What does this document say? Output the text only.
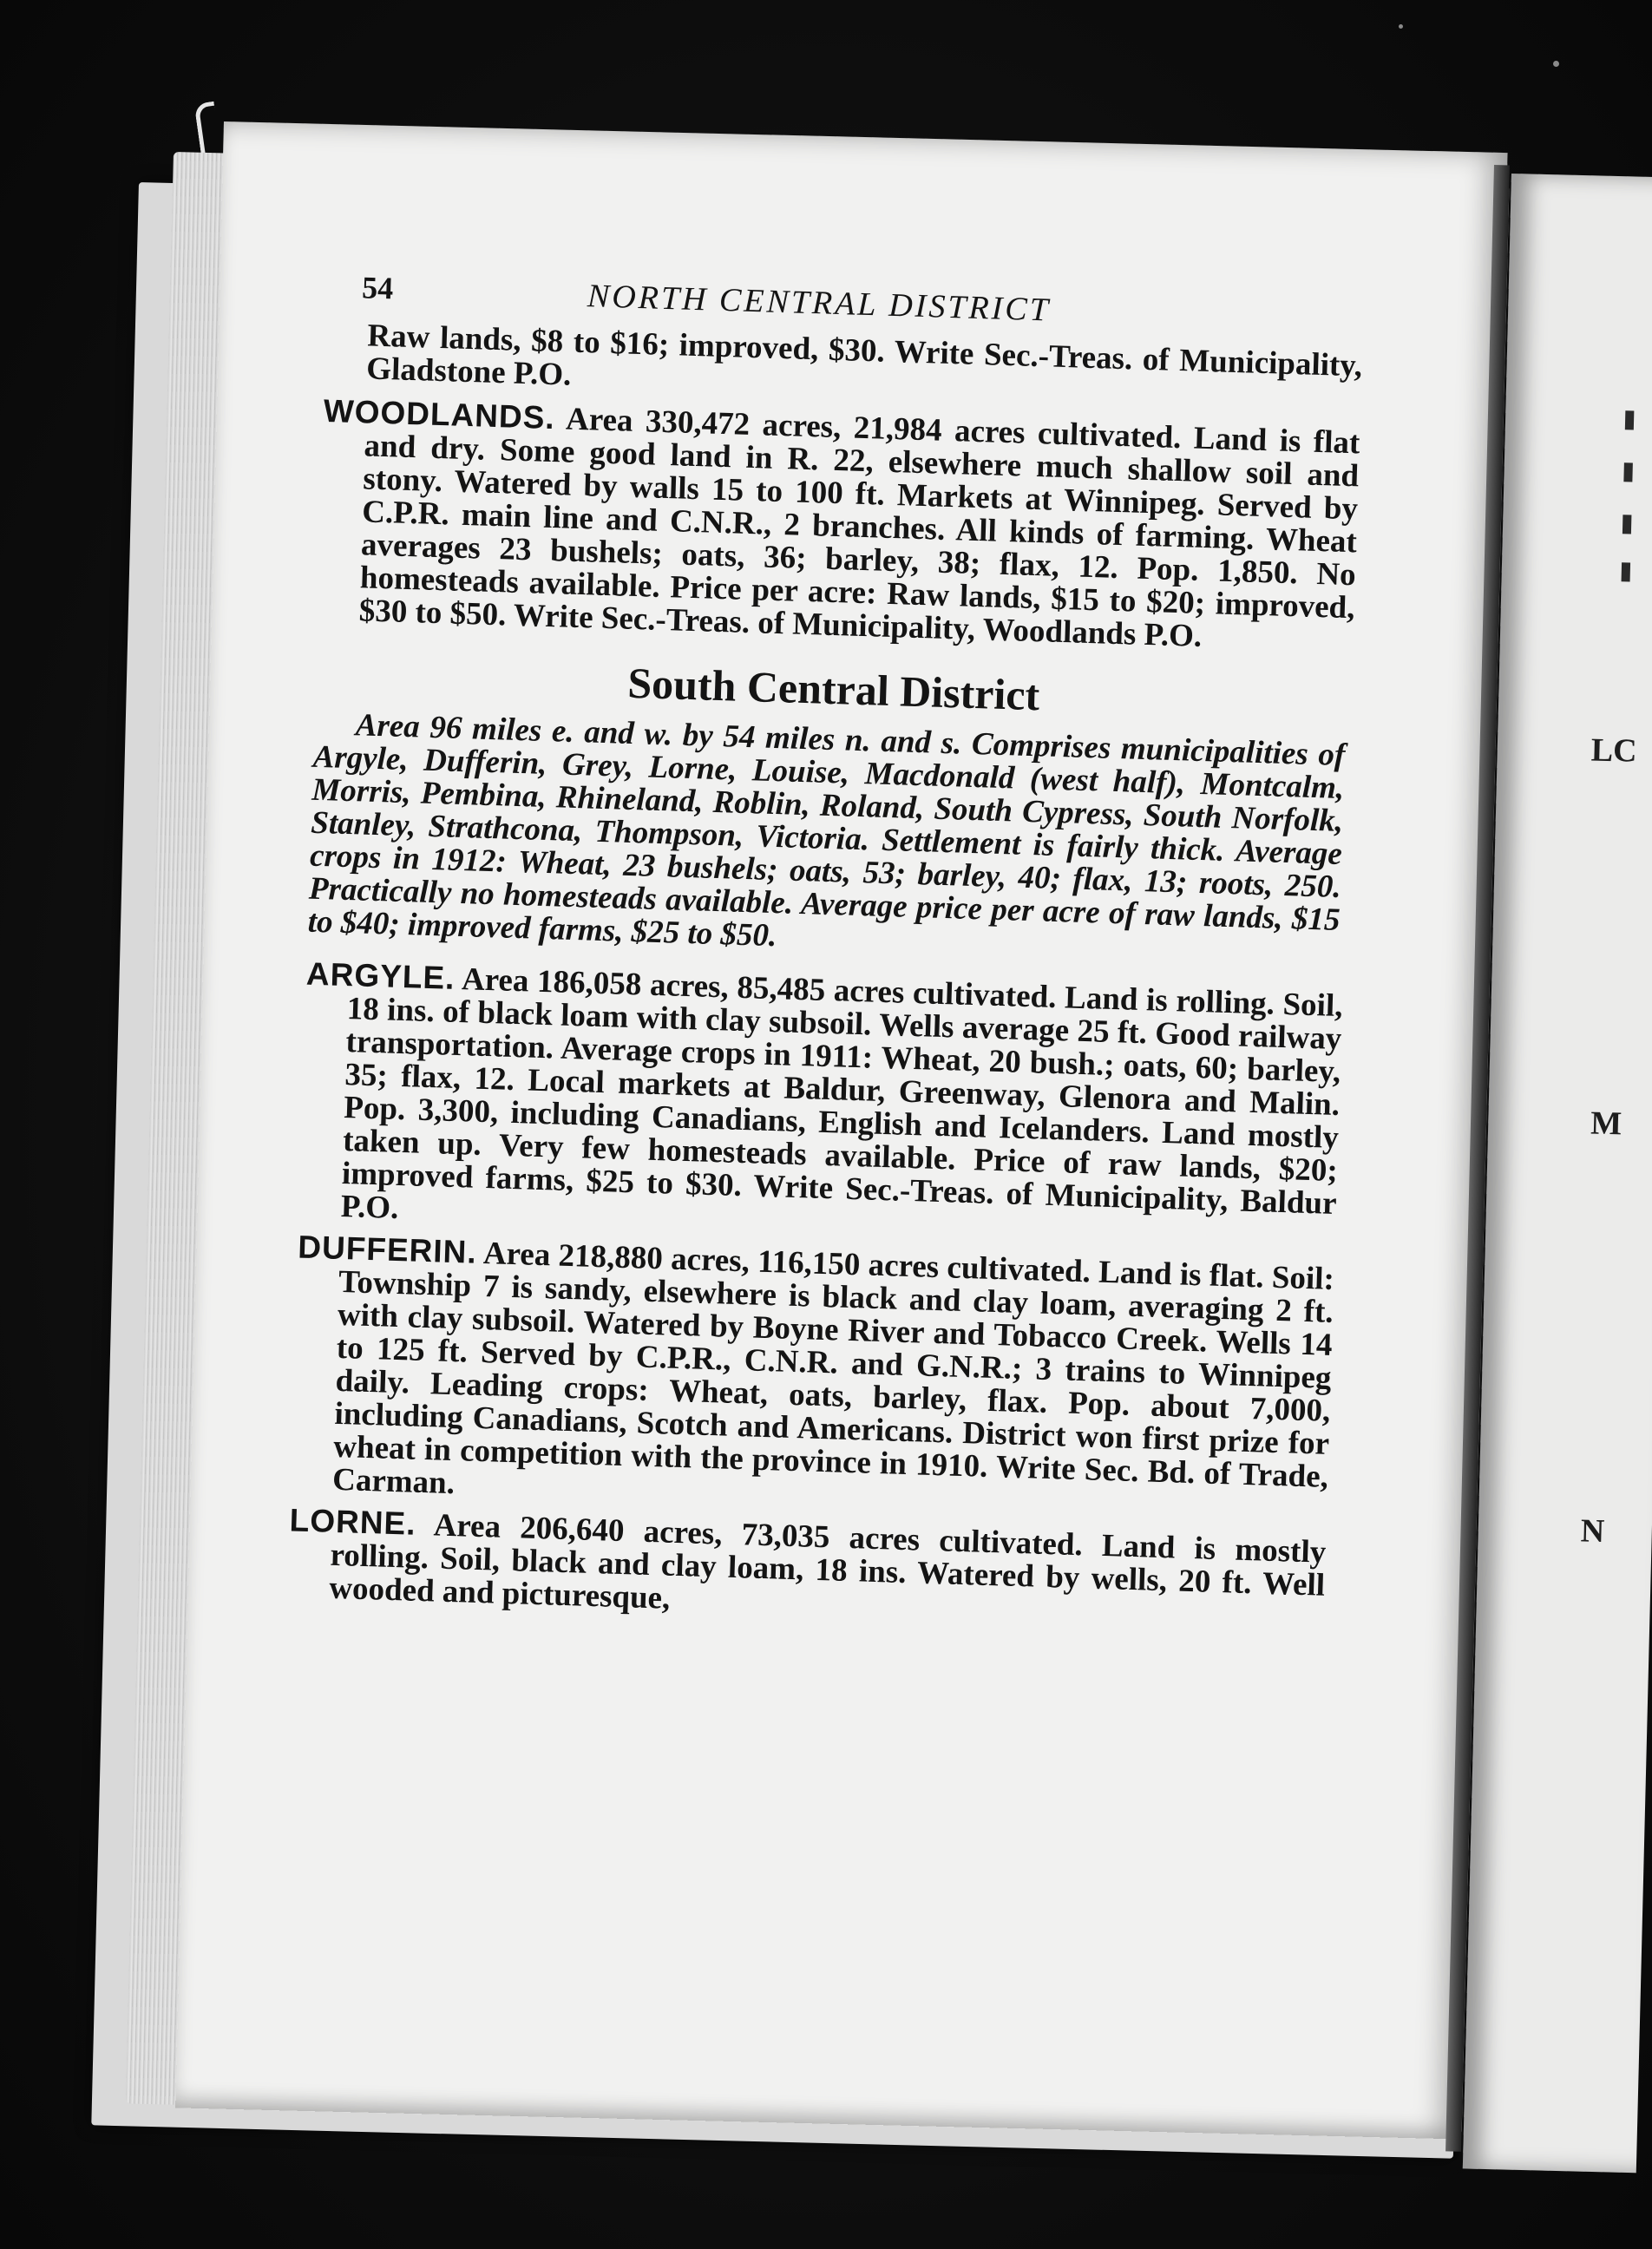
LC
M
N
54	NORTH CENTRAL DISTRICT

Raw lands, $8 to $16; improved, $30. Write Sec.-Treas. of Municipality, Gladstone P.O.

WOODLANDS. Area 330,472 acres, 21,984 acres cultivated. Land is flat and dry. Some good land in R. 22, elsewhere much shallow soil and stony. Watered by walls 15 to 100 ft. Markets at Winnipeg. Served by C.P.R. main line and C.N.R., 2 branches. All kinds of farming. Wheat averages 23 bushels; oats, 36; barley, 38; flax, 12. Pop. 1,850. No homesteads available. Price per acre: Raw lands, $15 to $20; improved, $30 to $50. Write Sec.-Treas. of Municipality, Woodlands P.O.

South Central District

Area 96 miles e. and w. by 54 miles n. and s. Comprises municipalities of Argyle, Dufferin, Grey, Lorne, Louise, Macdonald (west half), Montcalm, Morris, Pembina, Rhineland, Roblin, Roland, South Cypress, South Norfolk, Stanley, Strathcona, Thompson, Victoria. Settlement is fairly thick. Average crops in 1912: Wheat, 23 bushels; oats, 53; barley, 40; flax, 13; roots, 250. Practically no homesteads available. Average price per acre of raw lands, $15 to $40; improved farms, $25 to $50.

ARGYLE. Area 186,058 acres, 85,485 acres cultivated. Land is rolling. Soil, 18 ins. of black loam with clay subsoil. Wells average 25 ft. Good railway transportation. Average crops in 1911: Wheat, 20 bush.; oats, 60; barley, 35; flax, 12. Local markets at Baldur, Greenway, Glenora and Malin. Pop. 3,300, including Canadians, English and Icelanders. Land mostly taken up. Very few homesteads available. Price of raw lands, $20; improved farms, $25 to $30. Write Sec.-Treas. of Municipality, Baldur P.O.

DUFFERIN. Area 218,880 acres, 116,150 acres cultivated. Land is flat. Soil: Township 7 is sandy, elsewhere is black and clay loam, averaging 2 ft. with clay subsoil. Watered by Boyne River and Tobacco Creek. Wells 14 to 125 ft. Served by C.P.R., C.N.R. and G.N.R.; 3 trains to Winnipeg daily. Leading crops: Wheat, oats, barley, flax. Pop. about 7,000, including Canadians, Scotch and Americans. District won first prize for wheat in competition with the province in 1910. Write Sec. Bd. of Trade, Carman.

LORNE. Area 206,640 acres, 73,035 acres cultivated. Land is mostly rolling. Soil, black and clay loam, 18 ins. Watered by wells, 20 ft. Well wooded and picturesque,
